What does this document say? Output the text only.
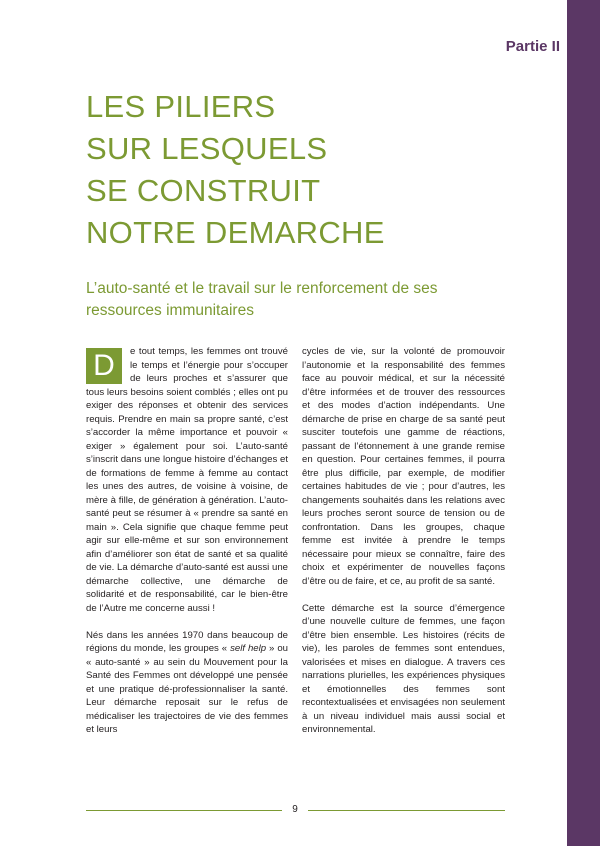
Partie II
LES PILIERS
SUR LESQUELS
SE CONSTRUIT
NOTRE DEMARCHE
L’auto-santé et le travail sur le renforcement de ses ressources immunitaires

D	e tout temps, les femmes ont trouvé le temps et l’énergie pour s’occuper de leurs proches et s’assurer que tous leurs besoins soient comblés ; elles ont pu exiger des réponses et obtenir des services requis. Prendre en main sa propre santé, c’est s’accorder la même importance et pouvoir « exiger » également pour soi. L’auto-santé s’inscrit dans une longue histoire d’échanges et de formations de femme à femme au contact les unes des autres, de voisine à voisine, de mère à fille, de génération à génération. L’auto-santé peut se résumer à « prendre sa santé en main ». Cela signifie que chaque femme peut agir sur elle-même et sur son environnement afin d’améliorer son état de santé et sa qualité de vie. La démarche d’auto-santé est aussi une démarche collective, une démarche de solidarité et de responsabilité, car le bien-être de l’Autre me concerne aussi !

Nés dans les années 1970 dans beaucoup de régions du monde, les groupes « self help » ou « auto-santé » au sein du Mouvement pour la Santé des Femmes ont développé une pensée et une pratique dé-professionnaliser la santé. Leur démarche reposait sur le refus de médicaliser les trajectoires de vie des femmes et leurs

cycles de vie, sur la volonté de promouvoir l’autonomie et la responsabilité des femmes face au pouvoir médical, et sur la nécessité d’être informées et de trouver des ressources et des modes d’action indépendants. Une démarche de prise en charge de sa santé peut susciter toutefois une gamme de réactions, passant de l’étonnement à une grande remise en question. Pour certaines femmes, il pourra être plus difficile, par exemple, de modifier certaines habitudes de vie ; pour d’autres, les changements souhaités dans les relations avec leurs proches seront source de tension ou de confrontation. Dans les groupes, chaque femme est invitée à prendre le temps nécessaire pour mieux se connaître, faire des choix et expérimenter de nouvelles façons d’être ou de faire, et ce, au profit de sa santé.

Cette démarche est la source d’émergence d’une nouvelle culture de femmes, une façon d’être bien ensemble. Les histoires (récits de vie), les paroles de femmes sont entendues, valorisées et mises en dialogue. A travers ces narrations plurielles, les expériences physiques et émotionnelles des femmes sont recontextualisées et envisagées non seulement à un niveau individuel mais aussi social et environnemental.

9
